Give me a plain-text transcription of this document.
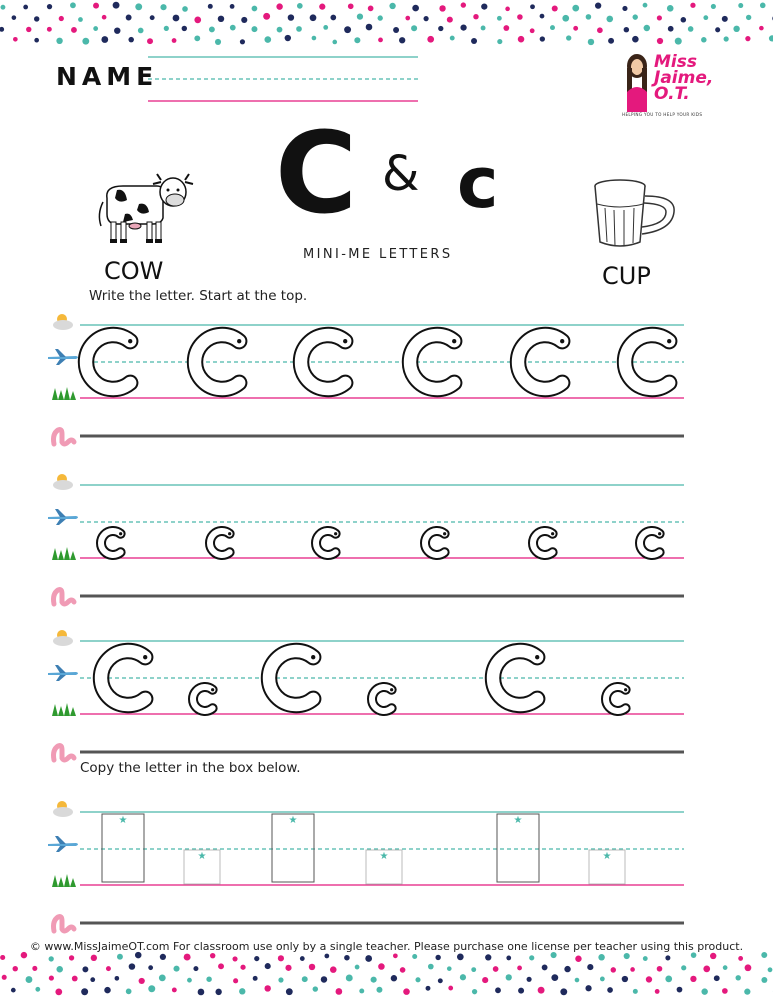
NAME	Miss
Jaime,
O.T.
HELPING YOU TO HELP YOUR KIDS
C & c
MINI-ME LETTERS
COW	CUP
Write the letter. Start at the top.
Copy the letter in the box below.
★
★
★
★
★
★
© www.MissJaimeOT.com For classroom use only by a single teacher. Please purchase one license per teacher using this product.
